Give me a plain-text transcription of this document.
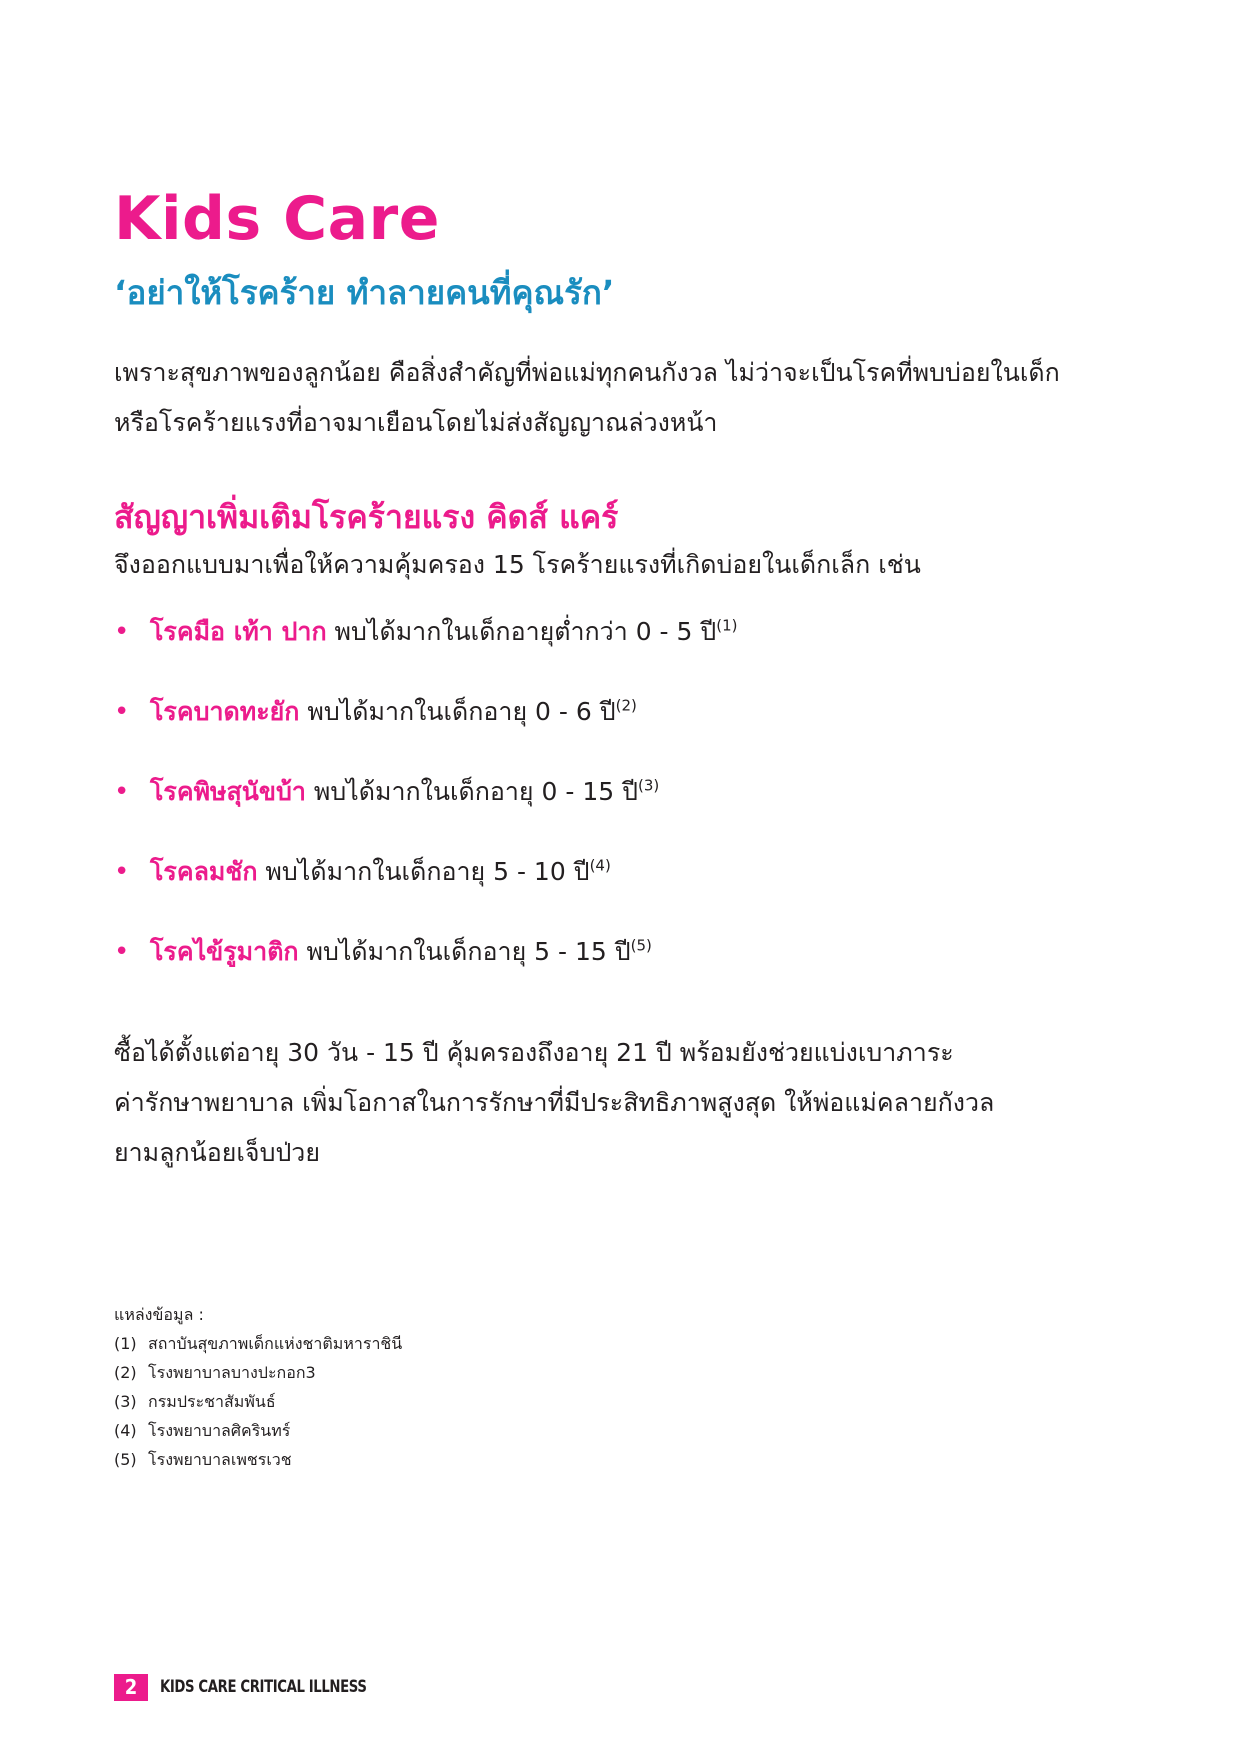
Kids Care
‘อย่าให้โรคร้าย ทำลายคนที่คุณรัก’
เพราะสุขภาพของลูกน้อย คือสิ่งสำคัญที่พ่อแม่ทุกคนกังวล ไม่ว่าจะเป็นโรคที่พบบ่อยในเด็ก
หรือโรคร้ายแรงที่อาจมาเยือนโดยไม่ส่งสัญญาณล่วงหน้า
สัญญาเพิ่มเติมโรคร้ายแรง คิดส์ แคร์

จึงออกแบบมาเพื่อให้ความคุ้มครอง 15 โรคร้ายแรงที่เกิดบ่อยในเด็กเล็ก เช่น

• โรคมือ เท้า ปาก พบได้มากในเด็กอายุต่ำกว่า 0 - 5 ปี$^{(1)}$
• โรคบาดทะยัก พบได้มากในเด็กอายุ 0 - 6 ปี$^{(2)}$
• โรคพิษสุนัขบ้า พบได้มากในเด็กอายุ 0 - 15 ปี$^{(3)}$
• โรคลมชัก พบได้มากในเด็กอายุ 5 - 10 ปี$^{(4)}$
• โรคไข้รูมาติก พบได้มากในเด็กอายุ 5 - 15 ปี$^{(5)}$
ซื้อได้ตั้งแต่อายุ 30 วัน - 15 ปี คุ้มครองถึงอายุ 21 ปี พร้อมยังช่วยแบ่งเบาภาระ
ค่ารักษาพยาบาล เพิ่มโอกาสในการรักษาที่มีประสิทธิภาพสูงสุด ให้พ่อแม่คลายกังวล
ยามลูกน้อยเจ็บป่วย

แหล่งข้อมูล :

(1) สถาบันสุขภาพเด็กแห่งชาติมหาราชินี
(2) โรงพยาบาลบางปะกอก3
(3) กรมประชาสัมพันธ์
(4) โรงพยาบาลศิครินทร์
(5) โรงพยาบาลเพชรเวช
2	KIDS CARE CRITICAL ILLNESS
